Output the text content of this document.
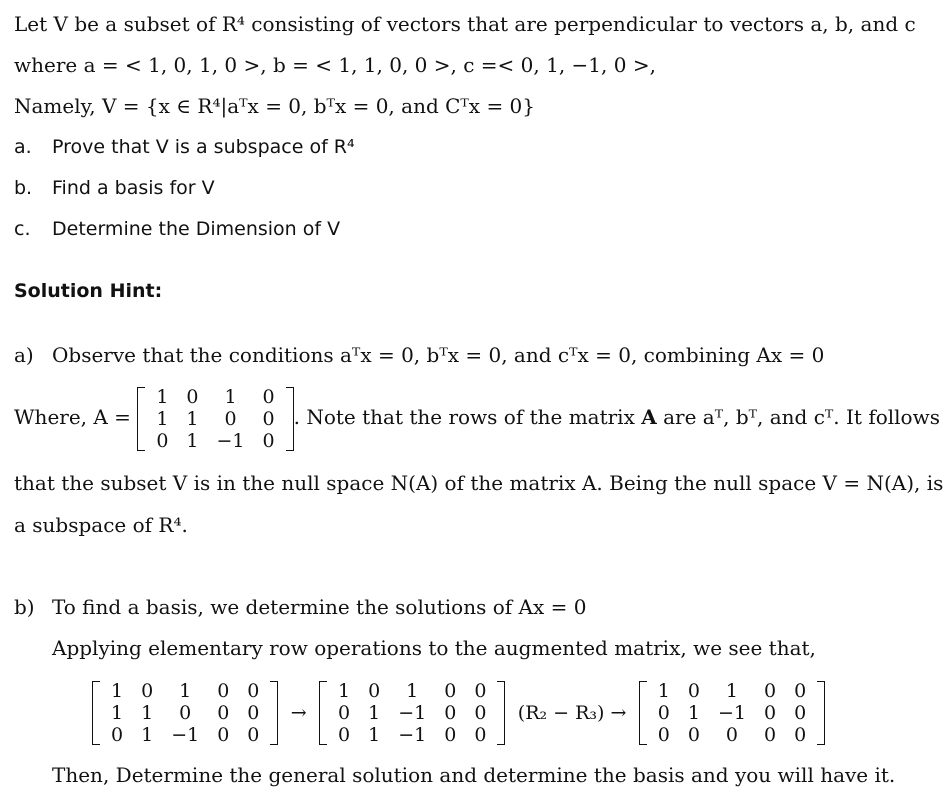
Let V be a subset of R⁴ consisting of vectors that are perpendicular to vectors a, b, and c
where a = < 1, 0, 1, 0 >, b = < 1, 1, 0, 0 >, c =< 0, 1, −1, 0 >,
Namely, V = {x ∈ R⁴|aᵀx = 0, bᵀx = 0, and Cᵀx = 0}
a. Prove that V is a subspace of R⁴
b. Find a basis for V
c. Determine the Dimension of V
Solution Hint:
a) Observe that the conditions aᵀx = 0, bᵀx = 0, and cᵀx = 0, combining Ax = 0
Where, A =
1	0	1	0
1	1	0	0
0	1	−1	0
. Note that the rows of the matrix A are aᵀ, bᵀ, and cᵀ. It follows
that the subset V is in the null space N(A) of the matrix A. Being the null space V = N(A), is
a subspace of R⁴.
b) To find a basis, we determine the solutions of Ax = 0
Applying elementary row operations to the augmented matrix, we see that,
1	0	1	0	0
1	1	0	0	0
0	1	−1	0	0
→
1	0	1	0	0
0	1	−1	0	0
0	1	−1	0	0
(R₂ − R₃) →
1	0	1	0	0
0	1	−1	0	0
0	0	0	0	0
Then, Determine the general solution and determine the basis and you will have it.
